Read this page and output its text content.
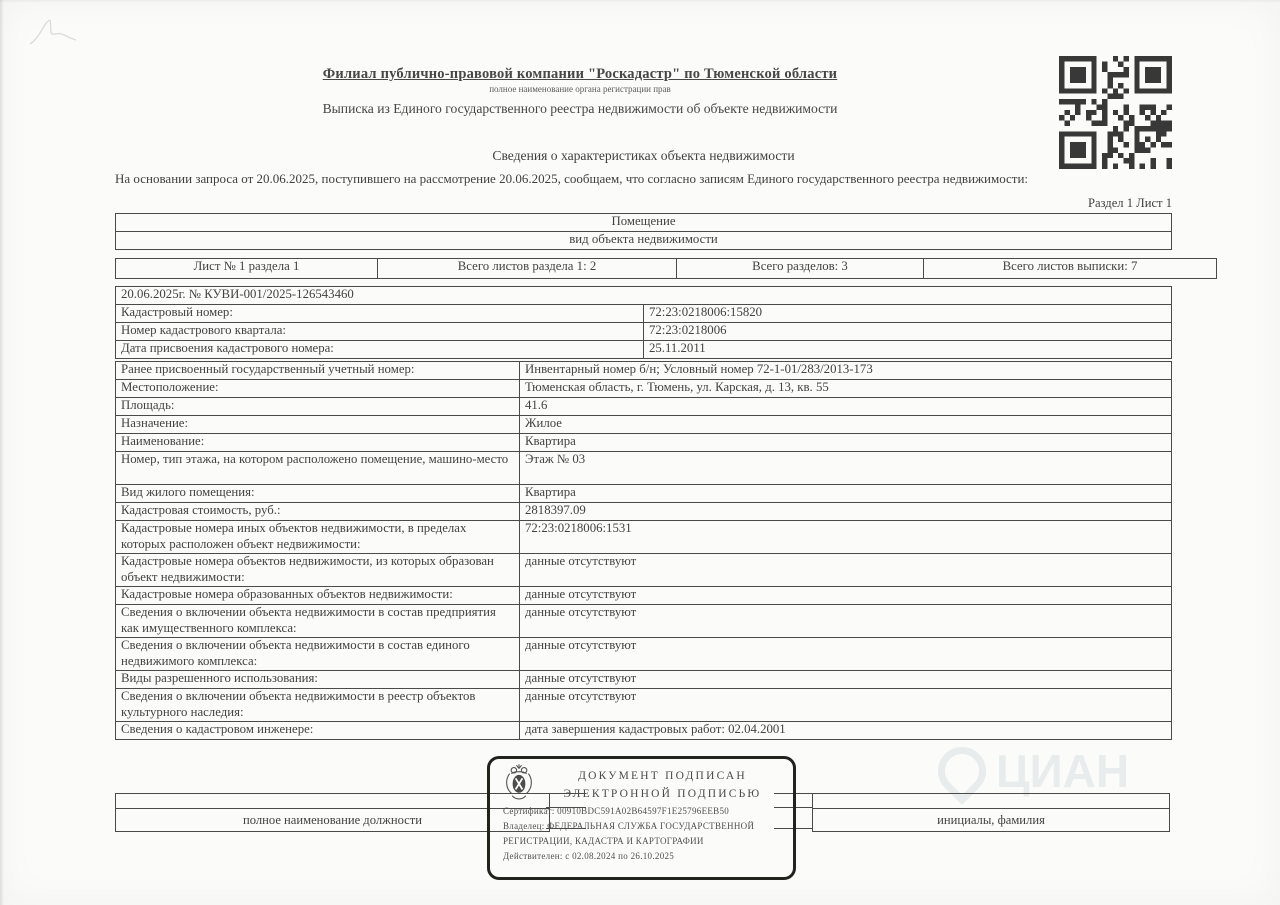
ЦИАН
Филиал публично-правовой компании "Роскадастр" по Тюменской области
полное наименование органа регистрации прав
Выписка из Единого государственного реестра недвижимости об объекте недвижимости
Сведения о характеристиках объекта недвижимости
На основании запроса от 20.06.2025, поступившего на рассмотрение 20.06.2025, сообщаем, что согласно записям Единого государственного реестра недвижимости:
Раздел 1 Лист 1
Помещение
вид объекта недвижимости
Лист № 1 раздела 1	Всего листов раздела 1: 2	Всего разделов: 3	Всего листов выписки: 7
20.06.2025г. № КУВИ-001/2025-126543460	
Кадастровый номер:	72:23:0218006:15820
Номер кадастрового квартала:	72:23:0218006
Дата присвоения кадастрового номера:	25.11.2011
Ранее присвоенный государственный учетный номер:	Инвентарный номер б/н; Условный номер 72-1-01/283/2013-173
Местоположение:	Тюменская область, г. Тюмень, ул. Карская, д. 13, кв. 55
Площадь:	41.6
Назначение:	Жилое
Наименование:	Квартира
Номер, тип этажа, на котором расположено помещение, машино-место	Этаж № 03
Вид жилого помещения:	Квартира
Кадастровая стоимость, руб.:	2818397.09
Кадастровые номера иных объектов недвижимости, в пределах которых расположен объект недвижимости:	72:23:0218006:1531
Кадастровые номера объектов недвижимости, из которых образован объект недвижимости:	данные отсутствуют
Кадастровые номера образованных объектов недвижимости:	данные отсутствуют
Сведения о включении объекта недвижимости в состав предприятия как имущественного комплекса:	данные отсутствуют
Сведения о включении объекта недвижимости в состав единого недвижимого комплекса:	данные отсутствуют
Виды разрешенного использования:	данные отсутствуют
Сведения о включении объекта недвижимости в реестр объектов культурного наследия:	данные отсутствуют
Сведения о кадастровом инженере:	дата завершения кадастровых работ: 02.04.2001

полное наименование должности	инициалы, фамилия
ДОКУМЕНТ ПОДПИСАН
ЭЛЕКТРОННОЙ ПОДПИСЬЮ
Сертификат: 00910BDC591A02B64597F1E25796EEB50
Владелец: ФЕДЕРАЛЬНАЯ СЛУЖБА ГОСУДАРСТВЕННОЙ
РЕГИСТРАЦИИ, КАДАСТРА И КАРТОГРАФИИ
Действителен: с 02.08.2024 по 26.10.2025
